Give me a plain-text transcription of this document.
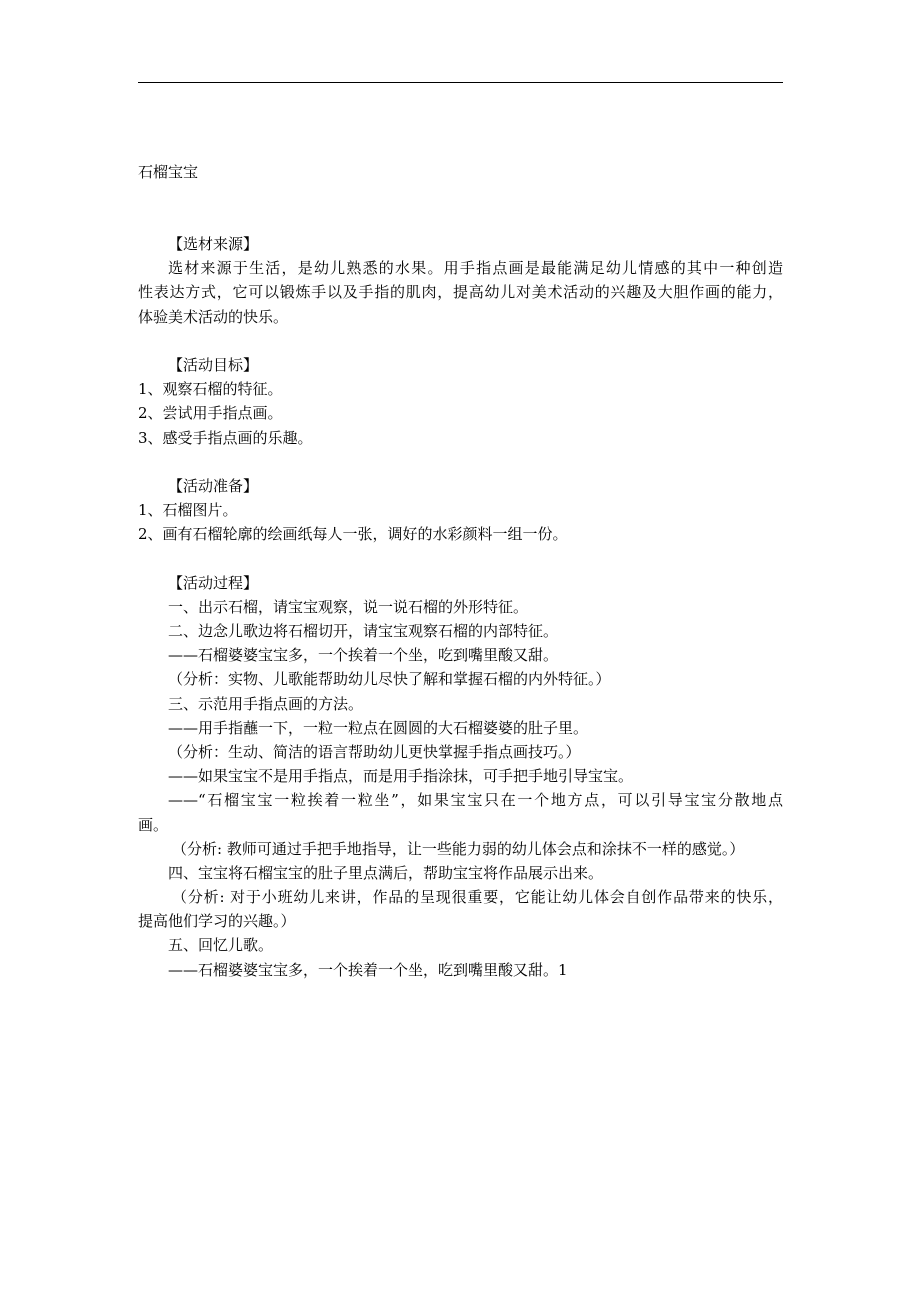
石榴宝宝
【选材来源】
选材来源于生活，是幼儿熟悉的水果。用手指点画是最能满足幼儿情感的其中一种创造
性表达方式，它可以锻炼手以及手指的肌肉，提高幼儿对美术活动的兴趣及大胆作画的能力，
体验美术活动的快乐。
【活动目标】
1、观察石榴的特征。
2、尝试用手指点画。
3、感受手指点画的乐趣。
【活动准备】
1、石榴图片。
2、画有石榴轮廓的绘画纸每人一张，调好的水彩颜料一组一份。
【活动过程】
一、出示石榴，请宝宝观察，说一说石榴的外形特征。
二、边念儿歌边将石榴切开，请宝宝观察石榴的内部特征。
——石榴婆婆宝宝多，一个挨着一个坐，吃到嘴里酸又甜。
（分析：实物、儿歌能帮助幼儿尽快了解和掌握石榴的内外特征。）
三、示范用手指点画的方法。
——用手指蘸一下，一粒一粒点在圆圆的大石榴婆婆的肚子里。
（分析：生动、简洁的语言帮助幼儿更快掌握手指点画技巧。）
——如果宝宝不是用手指点，而是用手指涂抹，可手把手地引导宝宝。
——“石榴宝宝一粒挨着一粒坐”，如果宝宝只在一个地方点，可以引导宝宝分散地点
画。
（分析: 教师可通过手把手地指导，让一些能力弱的幼儿体会点和涂抹不一样的感觉。）
四、宝宝将石榴宝宝的肚子里点满后，帮助宝宝将作品展示出来。
（分析: 对于小班幼儿来讲，作品的呈现很重要，它能让幼儿体会自创作品带来的快乐，
提高他们学习的兴趣。）
五、回忆儿歌。
——石榴婆婆宝宝多，一个挨着一个坐，吃到嘴里酸又甜。1
